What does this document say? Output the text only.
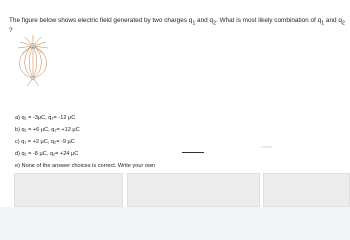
The figure below shows electric field generated by two charges $q_1$ and $q_2$. What is most likely combination of $q_1$ and $q_2$ ?
q
a) q₁ = -3μC, q₂= -12 μC
b) q₁ = +6 μC, q₂= +12 μC
c) q₁ = +2 μC, q₂= -9 μC
d) q₁ = -8 μC, q₂= +24 μC
e) None of the answer choices is correct. Write your own
...nment
